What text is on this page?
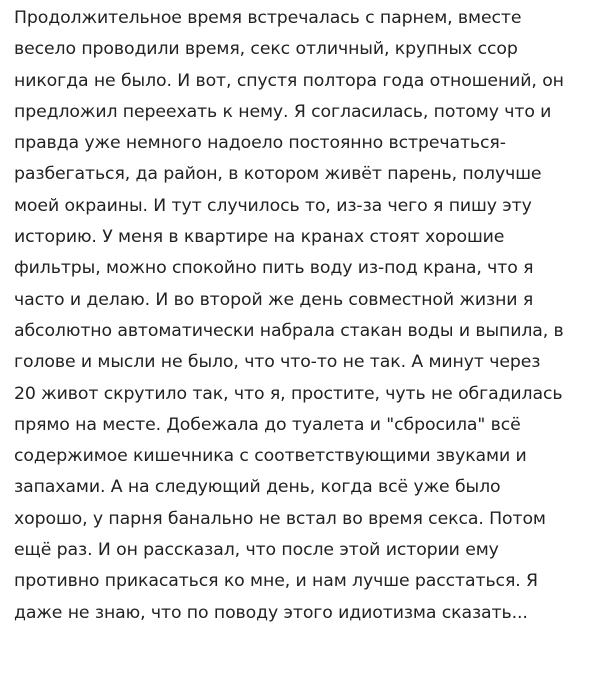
Продолжительное время встречалась с парнем, вместе
весело проводили время, секс отличный, крупных ссор
никогда не было. И вот, спустя полтора года отношений, он
предложил переехать к нему. Я согласилась, потому что и
правда уже немного надоело постоянно встречаться-
разбегаться, да район, в котором живёт парень, получше
моей окраины. И тут случилось то, из-за чего я пишу эту
историю. У меня в квартире на кранах стоят хорошие
фильтры, можно спокойно пить воду из-под крана, что я
часто и делаю. И во второй же день совместной жизни я
абсолютно автоматически набрала стакан воды и выпила, в
голове и мысли не было, что что-то не так. А минут через
20 живот скрутило так, что я, простите, чуть не обгадилась
прямо на месте. Добежала до туалета и "сбросила" всё
содержимое кишечника с соответствующими звуками и
запахами. А на следующий день, когда всё уже было
хорошо, у парня банально не встал во время секса. Потом
ещё раз. И он рассказал, что после этой истории ему
противно прикасаться ко мне, и нам лучше расстаться. Я
даже не знаю, что по поводу этого идиотизма сказать...
